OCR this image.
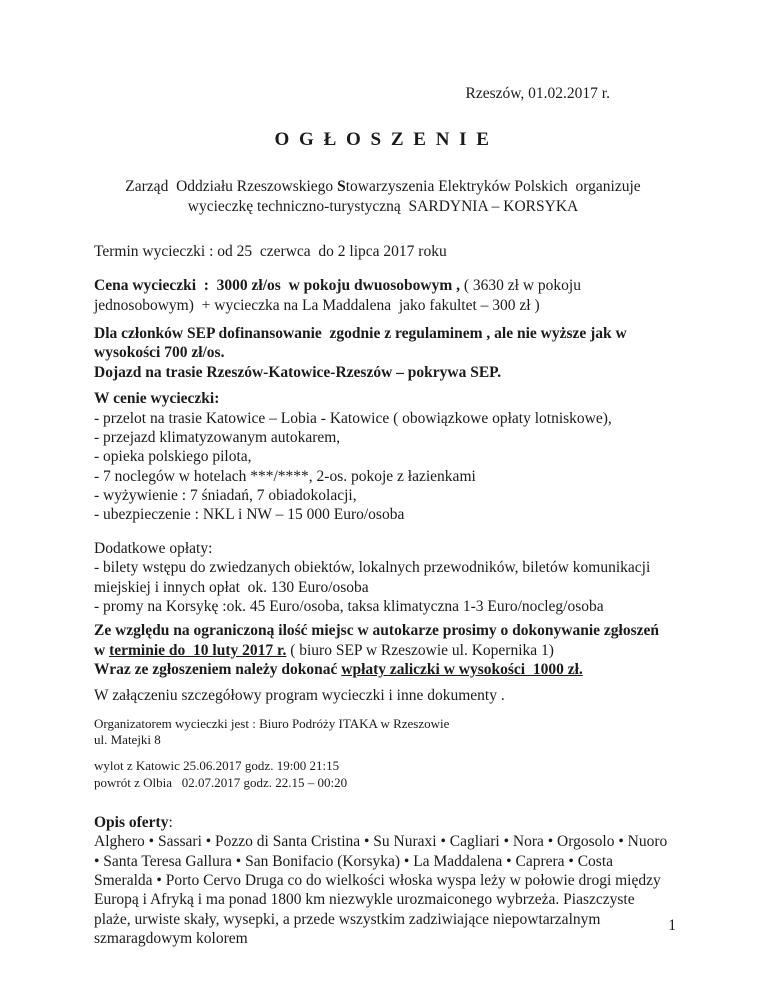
Rzeszów, 01.02.2017 r.
O G Ł O S Z E N I E
Zarząd  Oddziału Rzeszowskiego Stowarzyszenia Elektryków Polskich  organizuje
wycieczkę techniczno-turystyczną  SARDYNIA – KORSYKA
Termin wycieczki : od 25  czerwca  do 2 lipca 2017 roku
Cena wycieczki  :  3000 zł/os  w pokoju dwuosobowym , ( 3630 zł w pokoju jednosobowym)  + wycieczka na La Maddalena  jako fakultet – 300 zł )
Dla członków SEP dofinansowanie  zgodnie z regulaminem , ale nie wyższe jak w wysokości 700 zł/os.
Dojazd na trasie Rzeszów-Katowice-Rzeszów – pokrywa SEP.
W cenie wycieczki:
- przelot na trasie Katowice – Lobia - Katowice ( obowiązkowe opłaty lotniskowe),
- przejazd klimatyzowanym autokarem,
- opieka polskiego pilota,
- 7 noclegów w hotelach ***/****, 2-os. pokoje z łazienkami
- wyżywienie : 7 śniadań, 7 obiadokolacji,
- ubezpieczenie : NKL i NW – 15 000 Euro/osoba
Dodatkowe opłaty:
- bilety wstępu do zwiedzanych obiektów, lokalnych przewodników, biletów komunikacji miejskiej i innych opłat  ok. 130 Euro/osoba
- promy na Korsykę :ok. 45 Euro/osoba, taksa klimatyczna 1-3 Euro/nocleg/osoba
Ze względu na ograniczoną ilość miejsc w autokarze prosimy o dokonywanie zgłoszeń w terminie do  10 luty 2017 r. ( biuro SEP w Rzeszowie ul. Kopernika 1)
Wraz ze zgłoszeniem należy dokonać wpłaty zaliczki w wysokości  1000 zł.
W załączeniu szczegółowy program wycieczki i inne dokumenty .
Organizatorem wycieczki jest : Biuro Podróży ITAKA w Rzeszowie
ul. Matejki 8
wylot z Katowic 25.06.2017 godz. 19:00 21:15
powrót z Olbia   02.07.2017 godz. 22.15 – 00:20
Opis oferty:
Alghero • Sassari • Pozzo di Santa Cristina • Su Nuraxi • Cagliari • Nora • Orgosolo • Nuoro • Santa Teresa Gallura • San Bonifacio (Korsyka) • La Maddalena • Caprera • Costa Smeralda • Porto Cervo Druga co do wielkości włoska wyspa leży w połowie drogi między Europą i Afryką i ma ponad 1800 km niezwykle urozmaiconego wybrzeża. Piaszczyste plaże, urwiste skały, wysepki, a przede wszystkim zadziwiające niepowtarzalnym szmaragdowym kolorem
1
